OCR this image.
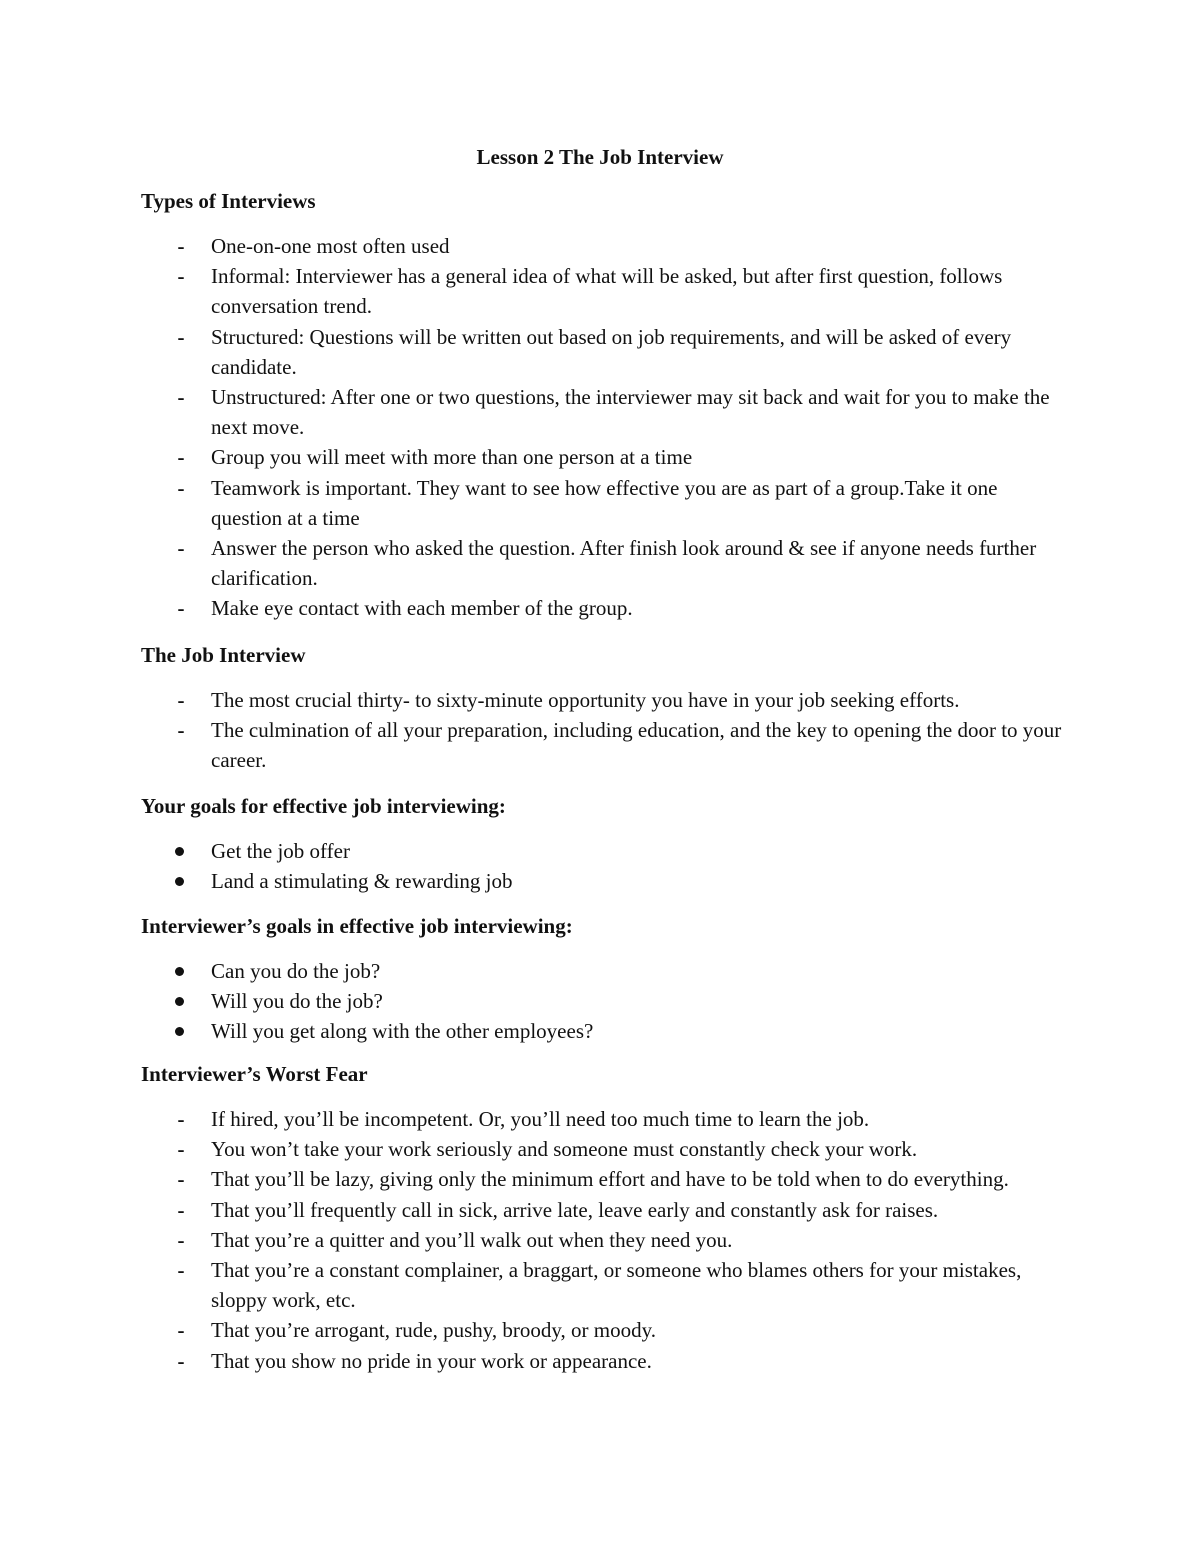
Lesson 2 The Job Interview
Types of Interviews
- One-on-one most often used
- Informal: Interviewer has a general idea of what will be asked, but after first question, follows conversation trend.
- Structured: Questions will be written out based on job requirements, and will be asked of every candidate.
- Unstructured: After one or two questions, the interviewer may sit back and wait for you to make the next move.
- Group you will meet with more than one person at a time
- Teamwork is important. They want to see how effective you are as part of a group.Take it one question at a time
- Answer the person who asked the question. After finish look around & see if anyone needs further clarification.
- Make eye contact with each member of the group.
The Job Interview
- The most crucial thirty- to sixty-minute opportunity you have in your job seeking efforts.
- The culmination of all your preparation, including education, and the key to opening the door to your career.
Your goals for effective job interviewing:
Get the job offer
Land a stimulating & rewarding job
Interviewer’s goals in effective job interviewing:
Can you do the job?
Will you do the job?
Will you get along with the other employees?
Interviewer’s Worst Fear
- If hired, you’ll be incompetent. Or, you’ll need too much time to learn the job.
- You won’t take your work seriously and someone must constantly check your work.
- That you’ll be lazy, giving only the minimum effort and have to be told when to do everything.
- That you’ll frequently call in sick, arrive late, leave early and constantly ask for raises.
- That you’re a quitter and you’ll walk out when they need you.
- That you’re a constant complainer, a braggart, or someone who blames others for your mistakes, sloppy work, etc.
- That you’re arrogant, rude, pushy, broody, or moody.
- That you show no pride in your work or appearance.
